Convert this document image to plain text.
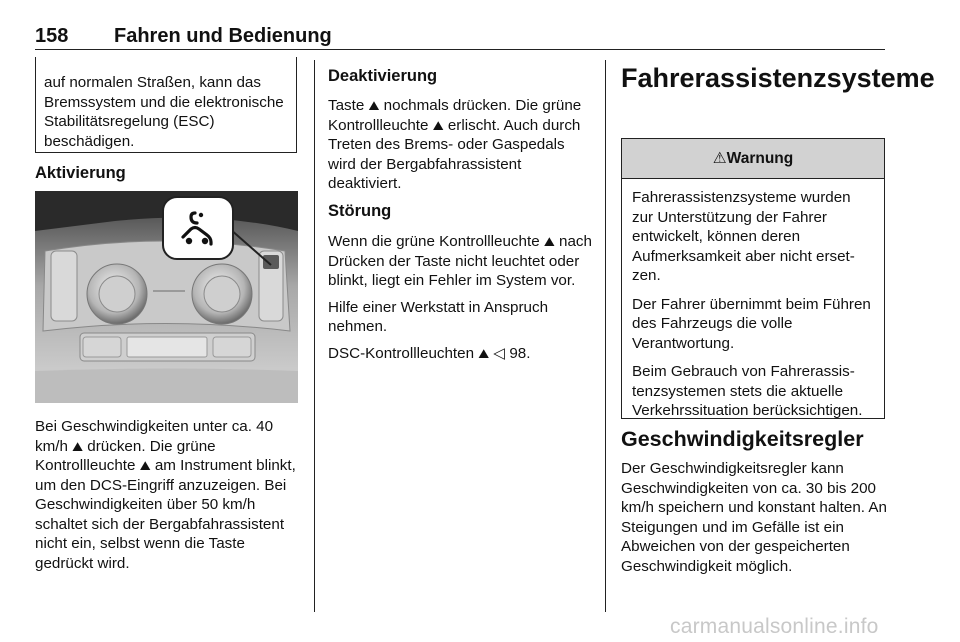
158 Fahren und Bedienung

auf normalen Straßen, kann das Bremssystem und die elektronische Stabilitätsregelung (ESC) beschädigen.

Aktivierung

Bei Geschwindigkeiten unter ca. 40 km/h ⛰ drücken. Die grüne Kontrollleuchte ⛰ am Instrument blinkt, um den DCS-Eingriff anzuzeigen. Bei Geschwindigkeiten über 50 km/h schaltet sich der Bergabfahrassistent nicht ein, selbst wenn die Taste gedrückt wird.

Deaktivierung

Taste ⛰ nochmals drücken. Die grüne Kontrollleuchte ⛰ erlischt. Auch durch Treten des Brems- oder Gaspedals wird der Bergabfahrassistent deaktiviert.

Störung

Wenn die grüne Kontrollleuchte ⛰ nach Drücken der Taste nicht leuchtet oder blinkt, liegt ein Fehler im System vor.

Hilfe einer Werkstatt in Anspruch nehmen.

DSC-Kontrollleuchten ⛰ ◁ 98.

Fahrerassistenzsysteme
⚠Warnung

Fahrerassistenzsysteme wurden zur Unterstützung der Fahrer entwickelt, können deren Aufmerksamkeit aber nicht ersetzen.

Der Fahrer übernimmt beim Führen des Fahrzeugs die volle Verantwortung.

Beim Gebrauch von Fahrerassistenzsystemen stets die aktuelle Verkehrssituation berücksichtigen.

Geschwindigkeitsregler

Der Geschwindigkeitsregler kann Geschwindigkeiten von ca. 30 bis 200 km/h speichern und konstant halten. An Steigungen und im Gefälle ist ein Abweichen von der gespeicherten Geschwindigkeit möglich.

carmanualsonline.info
